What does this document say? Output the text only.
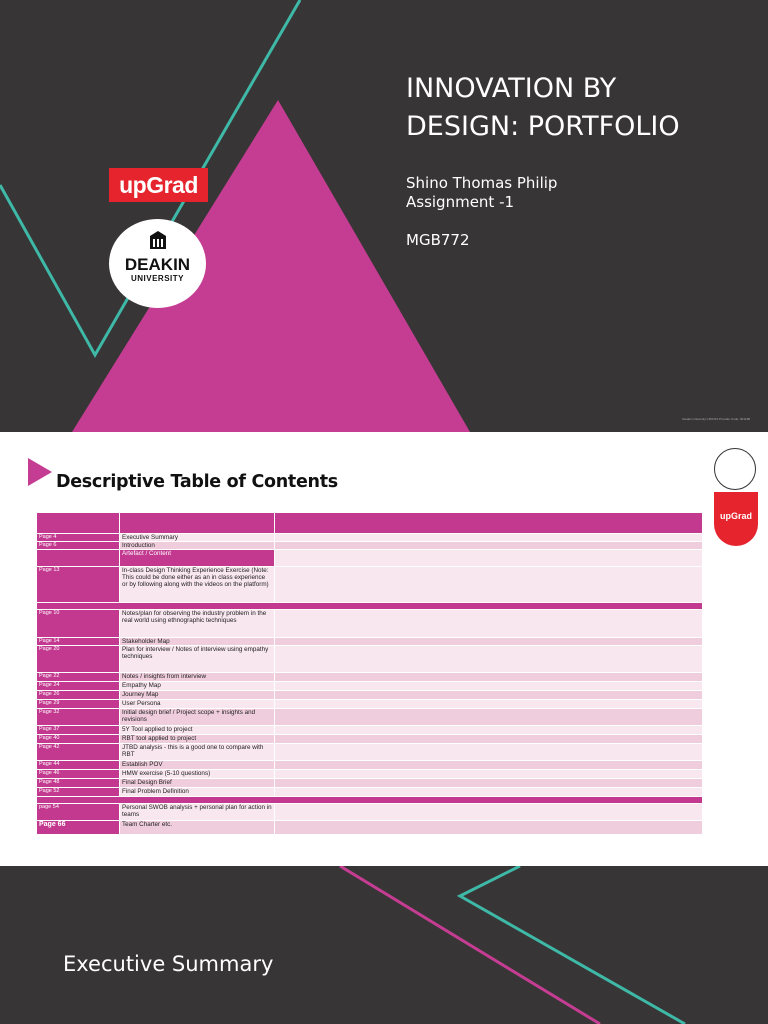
upGrad
DEAKIN
UNIVERSITY
INNOVATION BY
DESIGN: PORTFOLIO

Shino Thomas Philip

Assignment -1

MGB772

Deakin University CRICOS Provider Code: 00113B
Descriptive Table of Contents
upGrad

Page 4	Executive Summary	
Page 6	Introduction	
	Artefact / Content	
Page 13	In-class Design Thinking Experience Exercise (Note: This could be done either as an in class experience or by following along with the videos on the platform)	

Page 10	Notes/plan for observing the industry problem in the real world using ethnographic techniques	
Page 14	Stakeholder Map	
Page 20	Plan for interview / Notes of interview using empathy techniques	
Page 22	Notes / insights from interview	
Page 24	Empathy Map	
Page 26	Journey Map	
Page 29	User Persona	
Page 32	Initial design brief / Project scope + insights and revisions	
Page 37	5Y Tool applied to project	
Page 40	RBT tool applied to project	
Page 42	JTBD analysis - this is a good one to compare with RBT	
Page 44	Establish POV	
Page 46	HMW exercise (5-10 questions)	
Page 48	Final Design Brief	
Page 52	Final Problem Definition	

page 54	Personal SWOB analysis + personal plan for action in teams	
Page 66	Team Charter etc.	
Executive Summary
